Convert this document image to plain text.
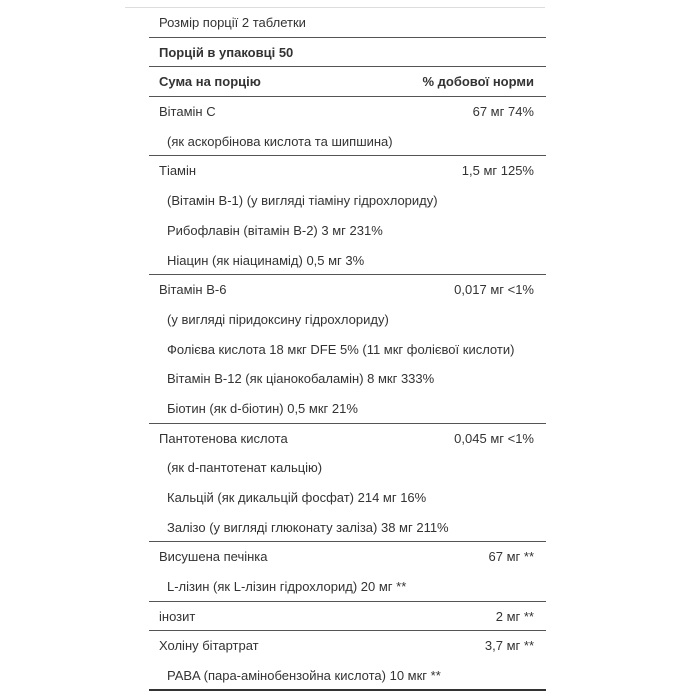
Розмір порції 2 таблетки
Порцій в упаковці 50
Сума на порцію	% добової норми
Вітамін С	67 мг 74%
(як аскорбінова кислота та шипшина)
Тіамін	1,5 мг 125%
(Вітамін B-1) (у вигляді тіаміну гідрохлориду)
Рибофлавін (вітамін B-2) 3 мг 231%
Ніацин (як ніацинамід) 0,5 мг 3%
Вітамін В-6	0,017 мг <1%
(у вигляді піридоксину гідрохлориду)
Фолієва кислота 18 мкг DFE 5% (11 мкг фолієвої кислоти)
Вітамін B-12 (як ціанокобаламін) 8 мкг 333%
Біотин (як d-біотин) 0,5 мкг 21%
Пантотенова кислота	0,045 мг <1%
(як d-пантотенат кальцію)
Кальцій (як дикальцій фосфат) 214 мг 16%
Залізо (у вигляді глюконату заліза) 38 мг 211%
Висушена печінка	67 мг **
L-лізин (як L-лізин гідрохлорид) 20 мг **
інозит	2 мг **
Холіну бітартрат	3,7 мг **
PABA (пара-амінобензойна кислота) 10 мкг **
